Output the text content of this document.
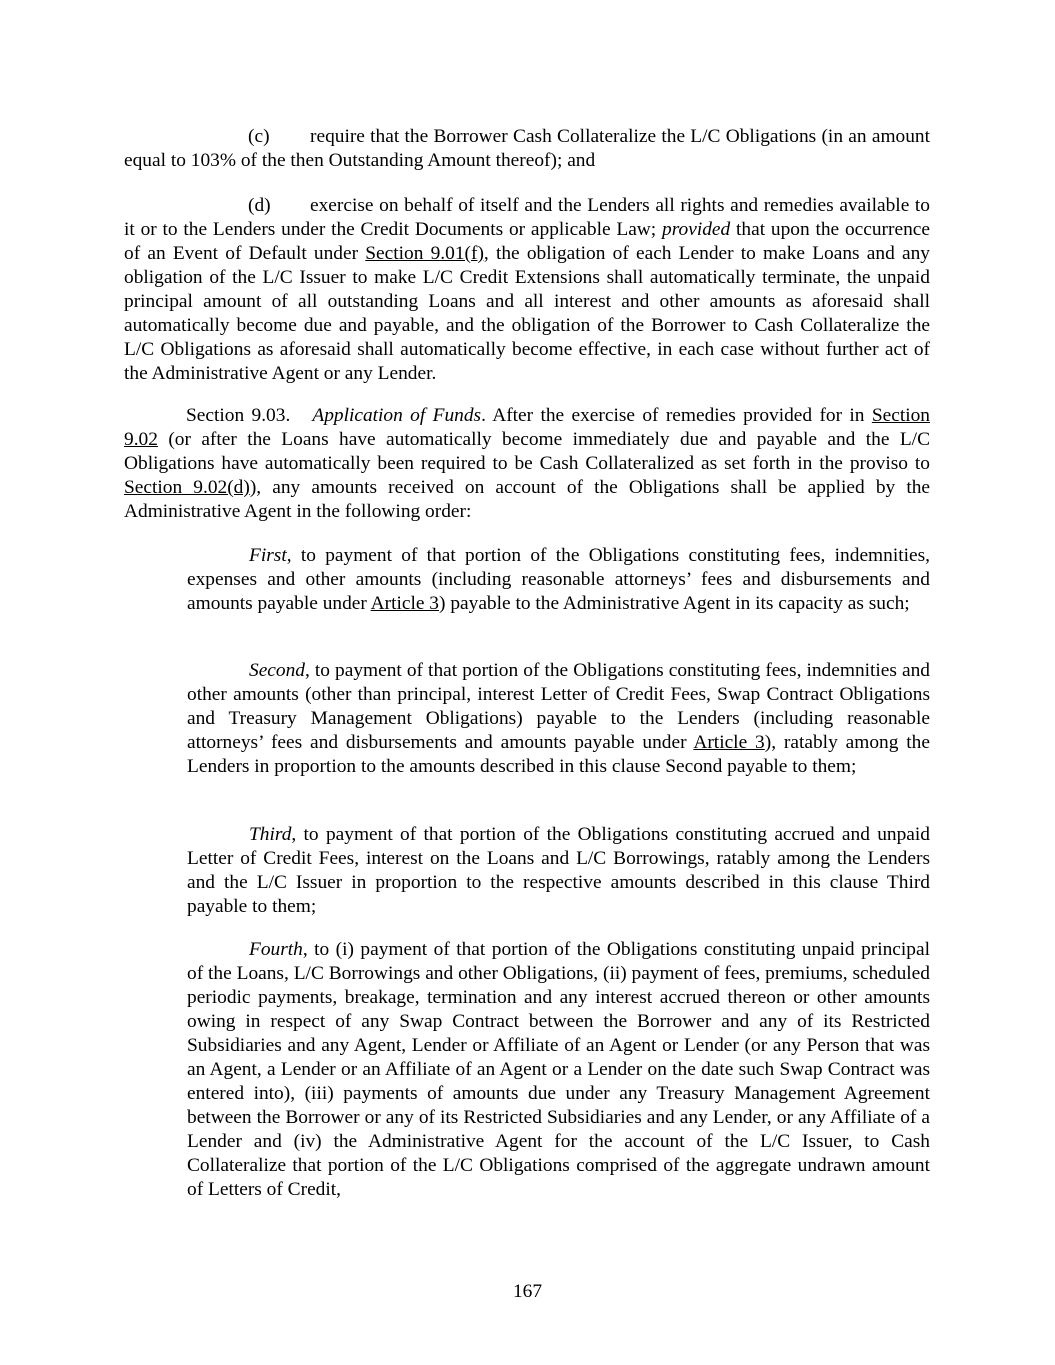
(c) require that the Borrower Cash Collateralize the L/C Obligations (in an amount equal to 103% of the then Outstanding Amount thereof); and

(d) exercise on behalf of itself and the Lenders all rights and remedies available to it or to the Lenders under the Credit Documents or applicable Law; provided that upon the occurrence of an Event of Default under Section 9.01(f), the obligation of each Lender to make Loans and any obligation of the L/C Issuer to make L/C Credit Extensions shall automatically terminate, the unpaid principal amount of all outstanding Loans and all interest and other amounts as aforesaid shall automatically become due and payable, and the obligation of the Borrower to Cash Collateralize the L/C Obligations as aforesaid shall automatically become effective, in each case without further act of the Administrative Agent or any Lender.

Section 9.03. Application of Funds. After the exercise of remedies provided for in Section 9.02 (or after the Loans have automatically become immediately due and payable and the L/C Obligations have automatically been required to be Cash Collateralized as set forth in the proviso to Section 9.02(d)), any amounts received on account of the Obligations shall be applied by the Administrative Agent in the following order:

First, to payment of that portion of the Obligations constituting fees, indemnities, expenses and other amounts (including reasonable attorneys’ fees and disbursements and amounts payable under Article 3) payable to the Administrative Agent in its capacity as such;

Second, to payment of that portion of the Obligations constituting fees, indemnities and other amounts (other than principal, interest Letter of Credit Fees, Swap Contract Obligations and Treasury Management Obligations) payable to the Lenders (including reasonable attorneys’ fees and disbursements and amounts payable under Article 3), ratably among the Lenders in proportion to the amounts described in this clause Second payable to them;

Third, to payment of that portion of the Obligations constituting accrued and unpaid Letter of Credit Fees, interest on the Loans and L/C Borrowings, ratably among the Lenders and the L/C Issuer in proportion to the respective amounts described in this clause Third payable to them;

Fourth, to (i) payment of that portion of the Obligations constituting unpaid principal of the Loans, L/C Borrowings and other Obligations, (ii) payment of fees, premiums, scheduled periodic payments, breakage, termination and any interest accrued thereon or other amounts owing in respect of any Swap Contract between the Borrower and any of its Restricted Subsidiaries and any Agent, Lender or Affiliate of an Agent or Lender (or any Person that was an Agent, a Lender or an Affiliate of an Agent or a Lender on the date such Swap Contract was entered into), (iii) payments of amounts due under any Treasury Management Agreement between the Borrower or any of its Restricted Subsidiaries and any Lender, or any Affiliate of a Lender and (iv) the Administrative Agent for the account of the L/C Issuer, to Cash Collateralize that portion of the L/C Obligations comprised of the aggregate undrawn amount of Letters of Credit,

167
